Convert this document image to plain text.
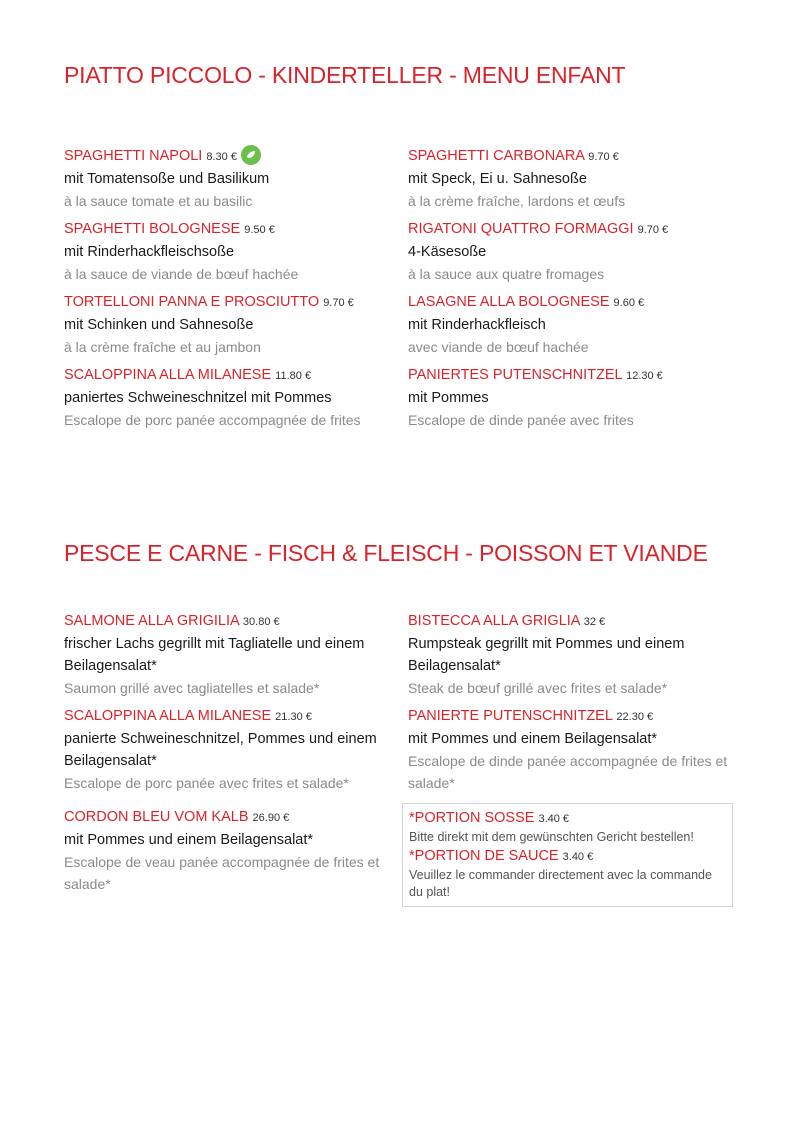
PIATTO PICCOLO - KINDERTELLER - MENU ENFANT
SPAGHETTI NAPOLI 8.30 €
mit Tomatensoße und Basilikum
à la sauce tomate et au basilic
SPAGHETTI BOLOGNESE 9.50 €
mit Rinderhackfleischsoße
à la sauce de viande de bœuf hachée
TORTELLONI PANNA E PROSCIUTTO 9.70 €
mit Schinken und Sahnesoße
à la crème fraîche et au jambon
SCALOPPINA ALLA MILANESE 11.80 €
paniertes Schweineschnitzel mit Pommes
Escalope de porc panée accompagnée de frites
SPAGHETTI CARBONARA 9.70 €
mit Speck, Ei u. Sahnesoße
à la crème fraîche, lardons et œufs
RIGATONI QUATTRO FORMAGGI 9.70 €
4-Käsesoße
à la sauce aux quatre fromages
LASAGNE ALLA BOLOGNESE 9.60 €
mit Rinderhackfleisch
avec viande de bœuf hachée
PANIERTES PUTENSCHNITZEL 12.30 €
mit Pommes
Escalope de dinde panée avec frites
PESCE E CARNE - FISCH & FLEISCH - POISSON ET VIANDE
SALMONE ALLA GRIGILIA 30.80 €
frischer Lachs gegrillt mit Tagliatelle und einem Beilagensalat*
Saumon grillé avec tagliatelles et salade*
SCALOPPINA ALLA MILANESE 21.30 €
panierte Schweineschnitzel, Pommes und einem Beilagensalat*
Escalope de porc panée avec frites et salade*
CORDON BLEU VOM KALB 26.90 €
mit Pommes und einem Beilagensalat*
Escalope de veau panée accompagnée de frites et salade*
BISTECCA ALLA GRIGLIA 32 €
Rumpsteak gegrillt mit Pommes und einem Beilagensalat*
Steak de bœuf grillé avec frites et salade*
PANIERTE PUTENSCHNITZEL 22.30 €
mit Pommes und einem Beilagensalat*
Escalope de dinde panée accompagnée de frites et salade*
*PORTION SOSSE 3.40 €
Bitte direkt mit dem gewünschten Gericht bestellen!
*PORTION DE SAUCE 3.40 €
Veuillez le commander directement avec la commande du plat!
